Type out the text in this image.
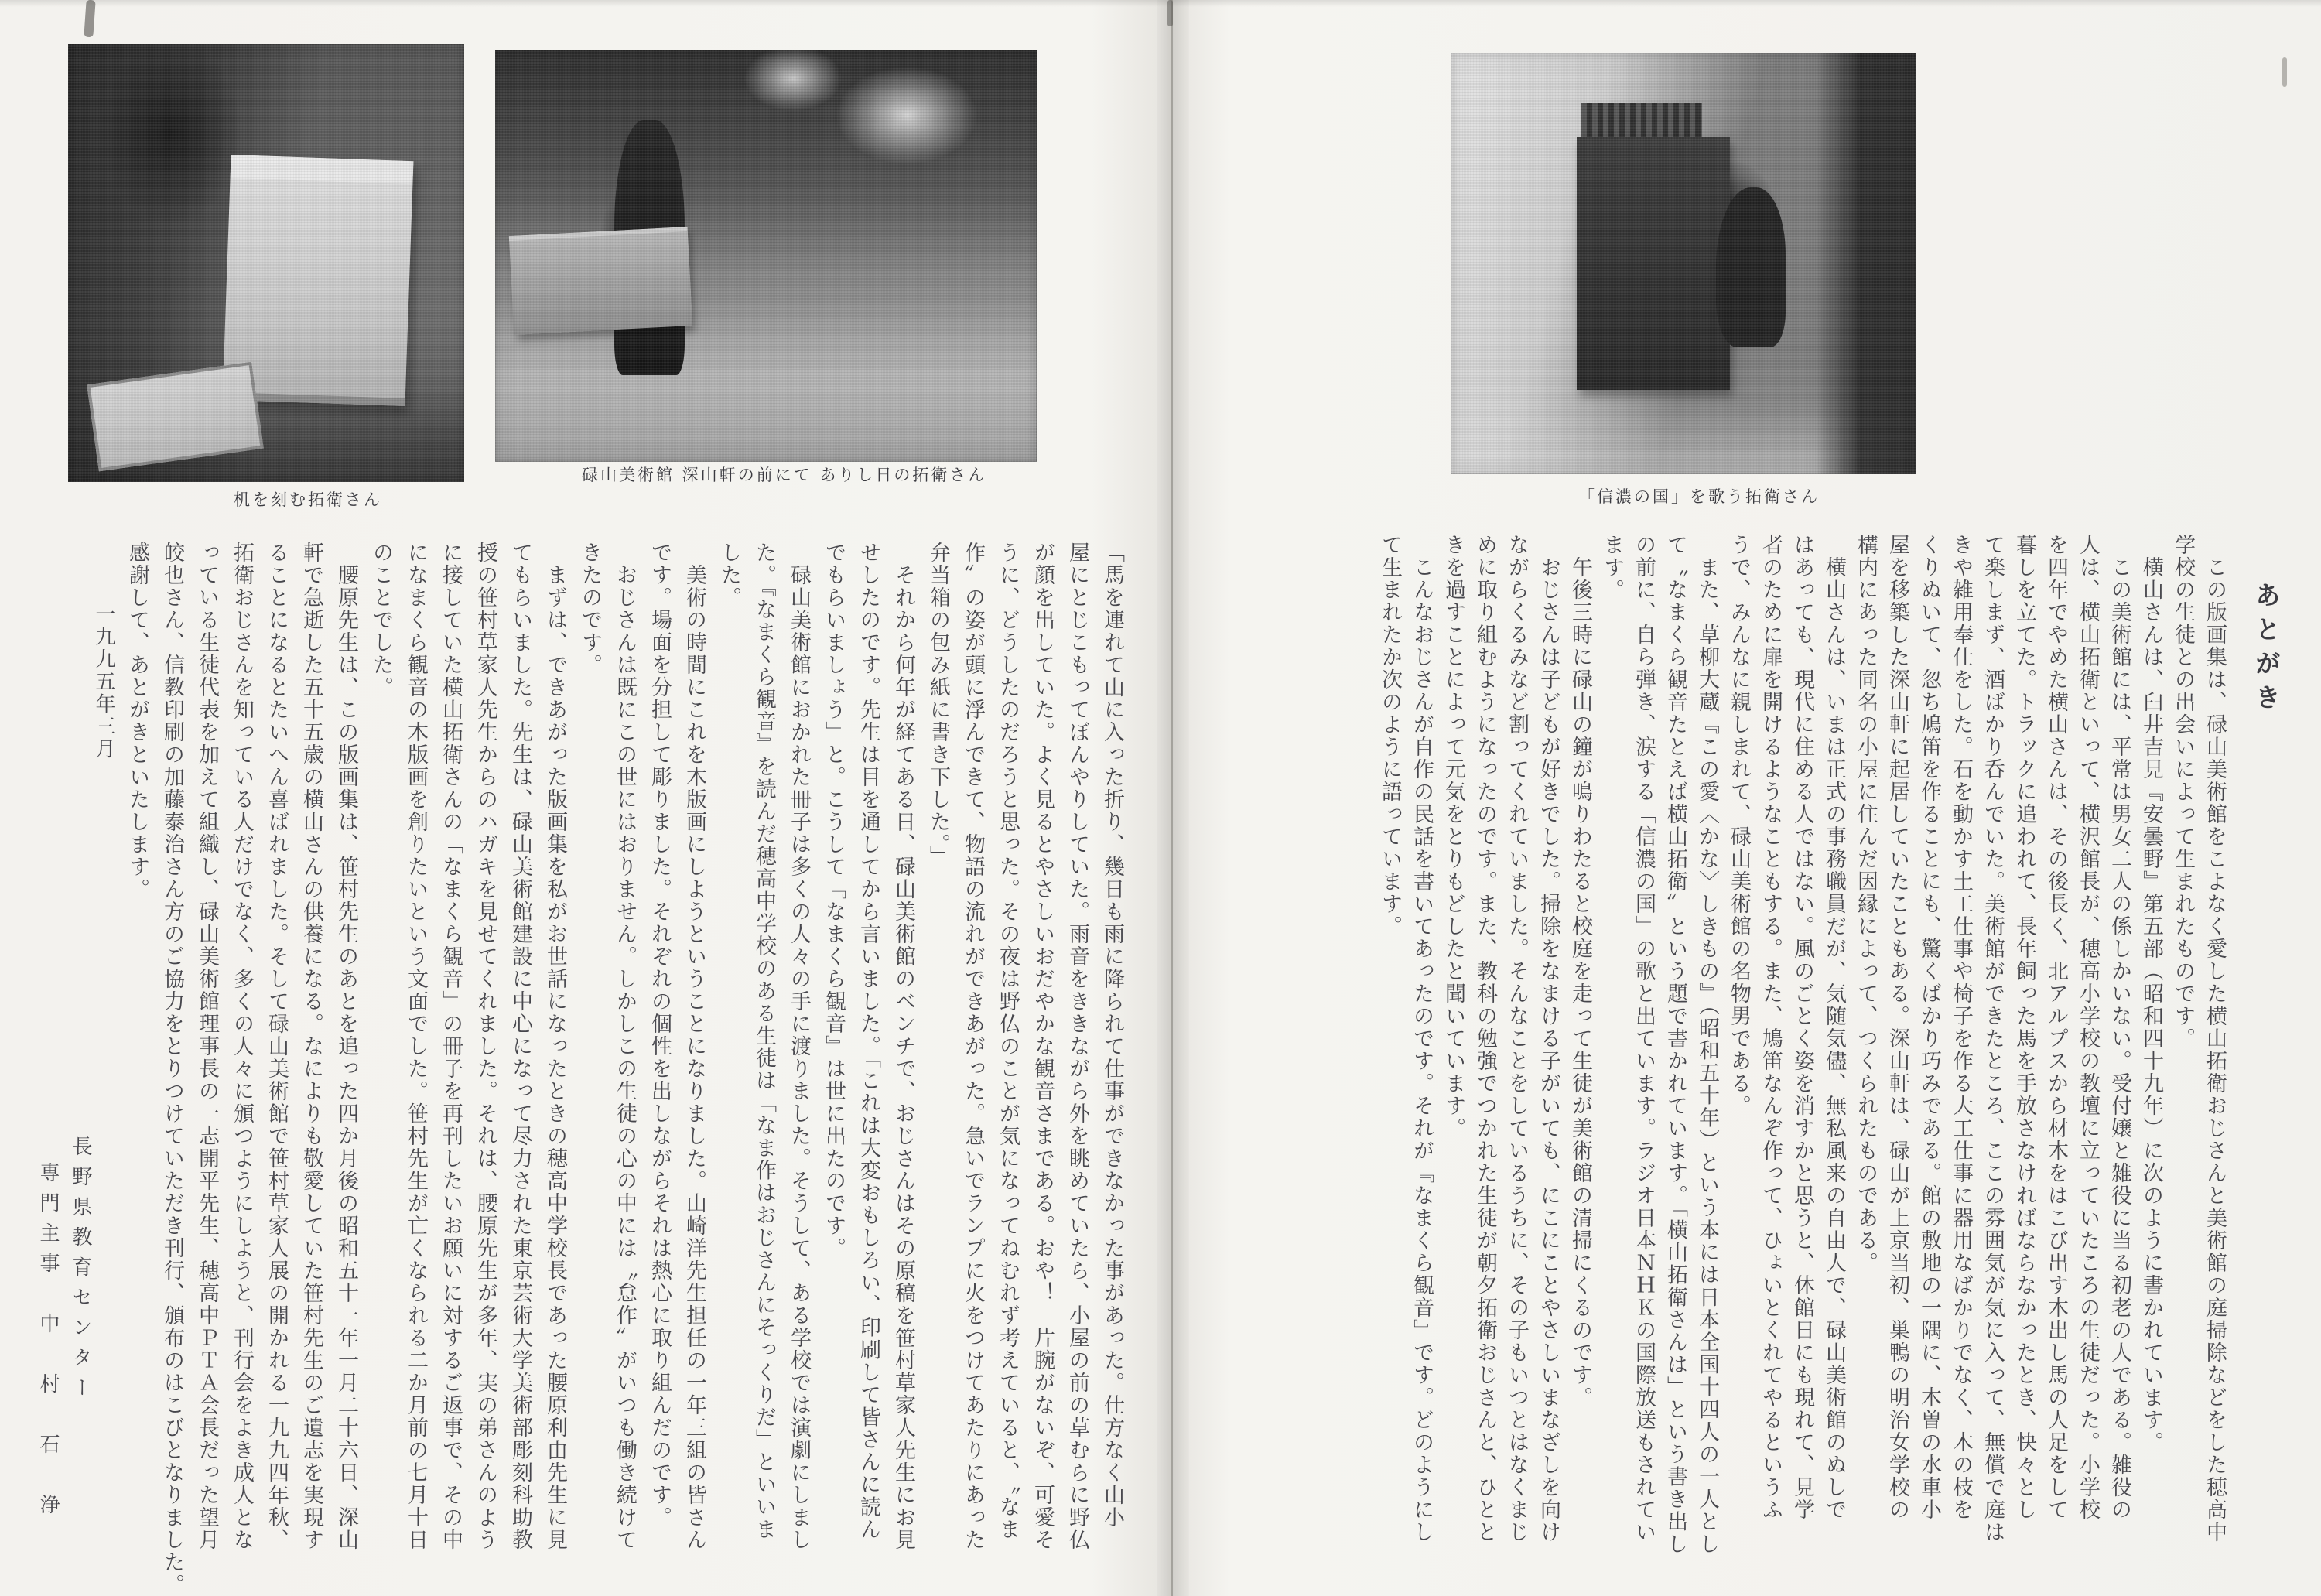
机を刻む拓衛さん
碌山美術館 深山軒の前にて ありし日の拓衛さん
「馬を連れて山に入った折り、幾日も雨に降られて仕事ができなかった事があった。仕方なく山小
屋にとじこもってぼんやりしていた。雨音をききながら外を眺めていたら、小屋の前の草むらに野仏
が顔を出していた。よく見るとやさしいおだやかな観音さまである。おや！　片腕がないぞ、可愛そ
うに、どうしたのだろうと思った。その夜は野仏のことが気になってねむれず考えていると、〝なま
作〟の姿が頭に浮んできて、物語の流れができあがった。急いでランプに火をつけてあたりにあった
弁当箱の包み紙に書き下した。」
　それから何年が経てある日、碌山美術館のベンチで、おじさんはその原稿を笹村草家人先生にお見
せしたのです。先生は目を通してから言いました。「これは大変おもしろい、印刷して皆さんに読ん
でもらいましょう」と。こうして『なまくら観音』は世に出たのです。
　碌山美術館におかれた冊子は多くの人々の手に渡りました。そうして、ある学校では演劇にしまし
た。『なまくら観音』を読んだ穂高中学校のある生徒は「なま作はおじさんにそっくりだ」といいま
した。
　美術の時間にこれを木版画にしようということになりました。山崎洋先生担任の一年三組の皆さん
です。場面を分担して彫りました。それぞれの個性を出しながらそれは熱心に取り組んだのです。
　おじさんは既にこの世にはおりません。しかしこの生徒の心の中には〝怠作〟がいつも働き続けて
きたのです。
　まずは、できあがった版画集を私がお世話になったときの穂高中学校長であった腰原利由先生に見
てもらいました。先生は、碌山美術館建設に中心になって尽力された東京芸術大学美術部彫刻科助教
授の笹村草家人先生からのハガキを見せてくれました。それは、腰原先生が多年、実の弟さんのよう
に接していた横山拓衛さんの「なまくら観音」の冊子を再刊したいお願いに対するご返事で、その中
になまくら観音の木版画を創りたいという文面でした。笹村先生が亡くなられる二か月前の七月十日
のことでした。
　腰原先生は、この版画集は、笹村先生のあとを追った四か月後の昭和五十一年一月二十六日、深山
軒で急逝した五十五歳の横山さんの供養になる。なによりも敬愛していた笹村先生のご遺志を実現す
ることになるとたいへん喜ばれました。そして碌山美術館で笹村草家人展の開かれる一九九四年秋、
拓衛おじさんを知っている人だけでなく、多くの人々に頒つようにしようと、刊行会をよき成人とな
っている生徒代表を加えて組織し、碌山美術館理事長の一志開平先生、穂高中ＰＴＡ会長だった望月
皎也さん、信教印刷の加藤泰治さん方のご協力をとりつけていただき刊行、頒布のはこびとなりました。
感謝して、あとがきといたします。
一九九五年三月
長野県教育センター
専門主事　中　村　石　浄
「信濃の国」を歌う拓衛さん
あとがき
　この版画集は、碌山美術館をこよなく愛した横山拓衛おじさんと美術館の庭掃除などをした穂高中
学校の生徒との出会いによって生まれたものです。
　横山さんは、臼井吉見『安曇野』第五部（昭和四十九年）に次のように書かれています。
　この美術館には、平常は男女二人の係しかいない。受付嬢と雑役に当る初老の人である。雑役の
人は、横山拓衛といって、横沢館長が、穂高小学校の教壇に立っていたころの生徒だった。小学校
を四年でやめた横山さんは、その後長く、北アルプスから材木をはこび出す木出し馬の人足をして
暮しを立てた。トラックに追われて、長年飼った馬を手放さなければならなかったとき、快々とし
て楽しまず、酒ばかり呑んでいた。美術館ができたところ、ここの雰囲気が気に入って、無償で庭は
きや雑用奉仕をした。石を動かす土工仕事や椅子を作る大工仕事に器用なばかりでなく、木の枝を
くりぬいて、忽ち鳩笛を作ることにも、驚くばかり巧みである。館の敷地の一隅に、木曽の水車小
屋を移築した深山軒に起居していたこともある。深山軒は、碌山が上京当初、巣鴨の明治女学校の
構内にあった同名の小屋に住んだ因縁によって、つくられたものである。
　横山さんは、いまは正式の事務職員だが、気随気儘、無私風来の自由人で、碌山美術館のぬしで
はあっても、現代に住める人ではない。風のごとく姿を消すかと思うと、休館日にも現れて、見学
者のために扉を開けるようなこともする。また、鳩笛なんぞ作って、ひょいとくれてやるというふ
うで、みんなに親しまれて、碌山美術館の名物男である。
　また、草柳大蔵『この愛〈かな〉しきもの』（昭和五十年）という本には日本全国十四人の一人とし
て〝なまくら観音たとえば横山拓衛〟という題で書かれています。「横山拓衛さんは」という書き出し
の前に、自ら弾き、涙する「信濃の国」の歌と出ています。ラジオ日本ＮＨＫの国際放送もされてい
ます。
　午後三時に碌山の鐘が鳴りわたると校庭を走って生徒が美術館の清掃にくるのです。
　おじさんは子どもが好きでした。掃除をなまける子がいても、にこにことやさしいまなざしを向け
ながらくるみなど割ってくれていました。そんなことをしているうちに、その子もいつとはなくまじ
めに取り組むようになったのです。また、教科の勉強でつかれた生徒が朝夕拓衛おじさんと、ひとと
きを過すことによって元気をとりもどしたと聞いています。
　こんなおじさんが自作の民話を書いてあったのです。それが『なまくら観音』です。どのようにし
て生まれたか次のように語っています。
